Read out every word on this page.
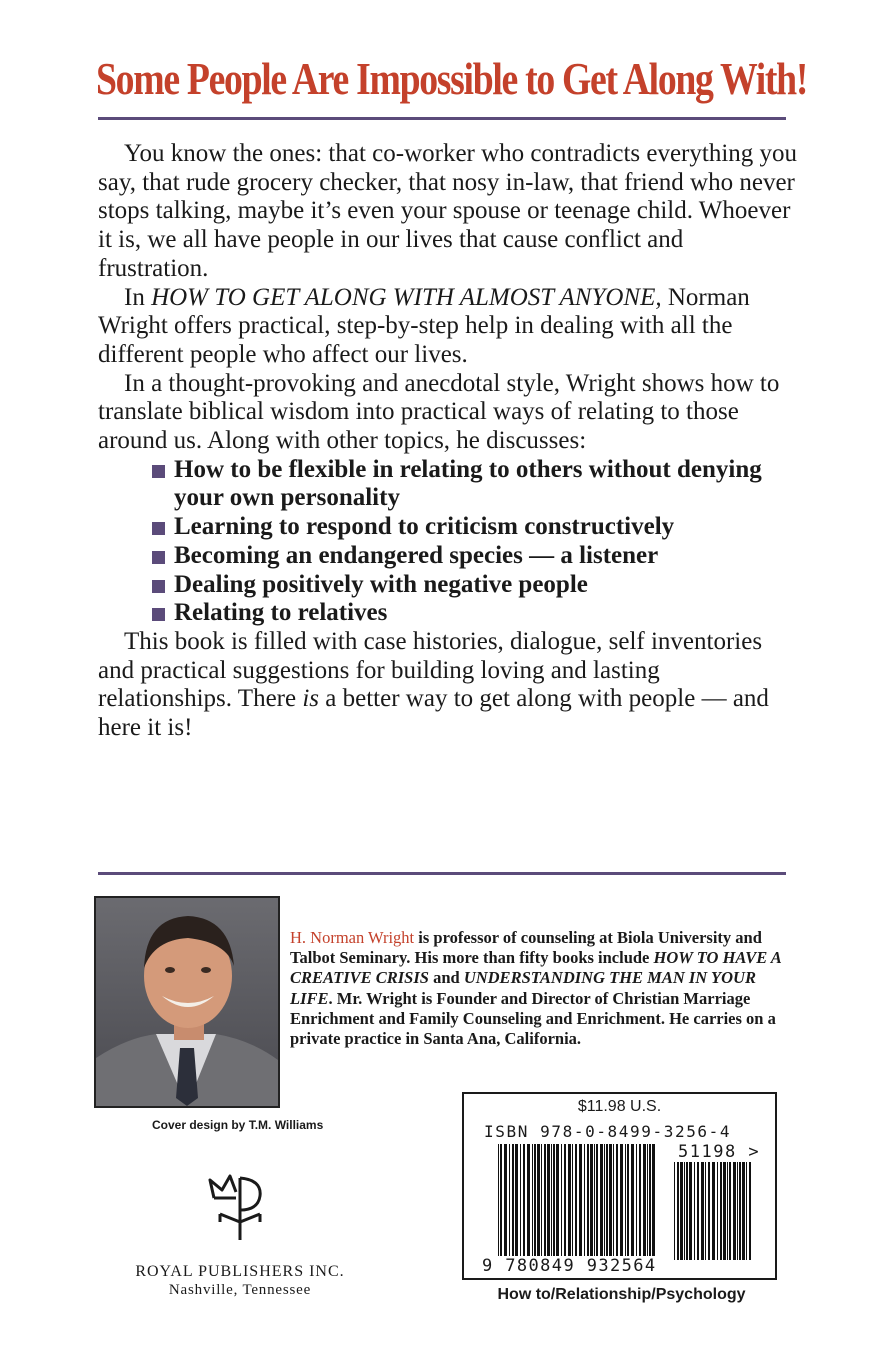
Some People Are Impossible to Get Along With!

You know the ones: that co-worker who contradicts everything you say, that rude grocery checker, that nosy in-law, that friend who never stops talking, maybe it’s even your spouse or teenage child. Whoever it is, we all have people in our lives that cause conflict and frustration.

In HOW TO GET ALONG WITH ALMOST ANYONE, Norman Wright offers practical, step-by-step help in dealing with all the different people who affect our lives.

In a thought-provoking and anecdotal style, Wright shows how to translate biblical wisdom into practical ways of relating to those around us. Along with other topics, he discusses:

How to be flexible in relating to others without denying your own personality
Learning to respond to criticism constructively
Becoming an endangered species — a listener
Dealing positively with negative people
Relating to relatives

This book is filled with case histories, dialogue, self inventories and practical suggestions for building loving and lasting relationships. There is a better way to get along with people — and here it is!

H. Norman Wright is professor of counseling at Biola University and Talbot Seminary. His more than fifty books include HOW TO HAVE A CREATIVE CRISIS and UNDERSTANDING THE MAN IN YOUR LIFE. Mr. Wright is Founder and Director of Christian Marriage Enrichment and Family Counseling and Enrichment. He carries on a private practice in Santa Ana, California.
Cover design by T.M. Williams
ROYAL PUBLISHERS INC.
Nashville, Tennessee
$11.98 U.S.
ISBN 978-0-8499-3256-4
51198 >
9 780849 932564
How to/Relationship/Psychology
